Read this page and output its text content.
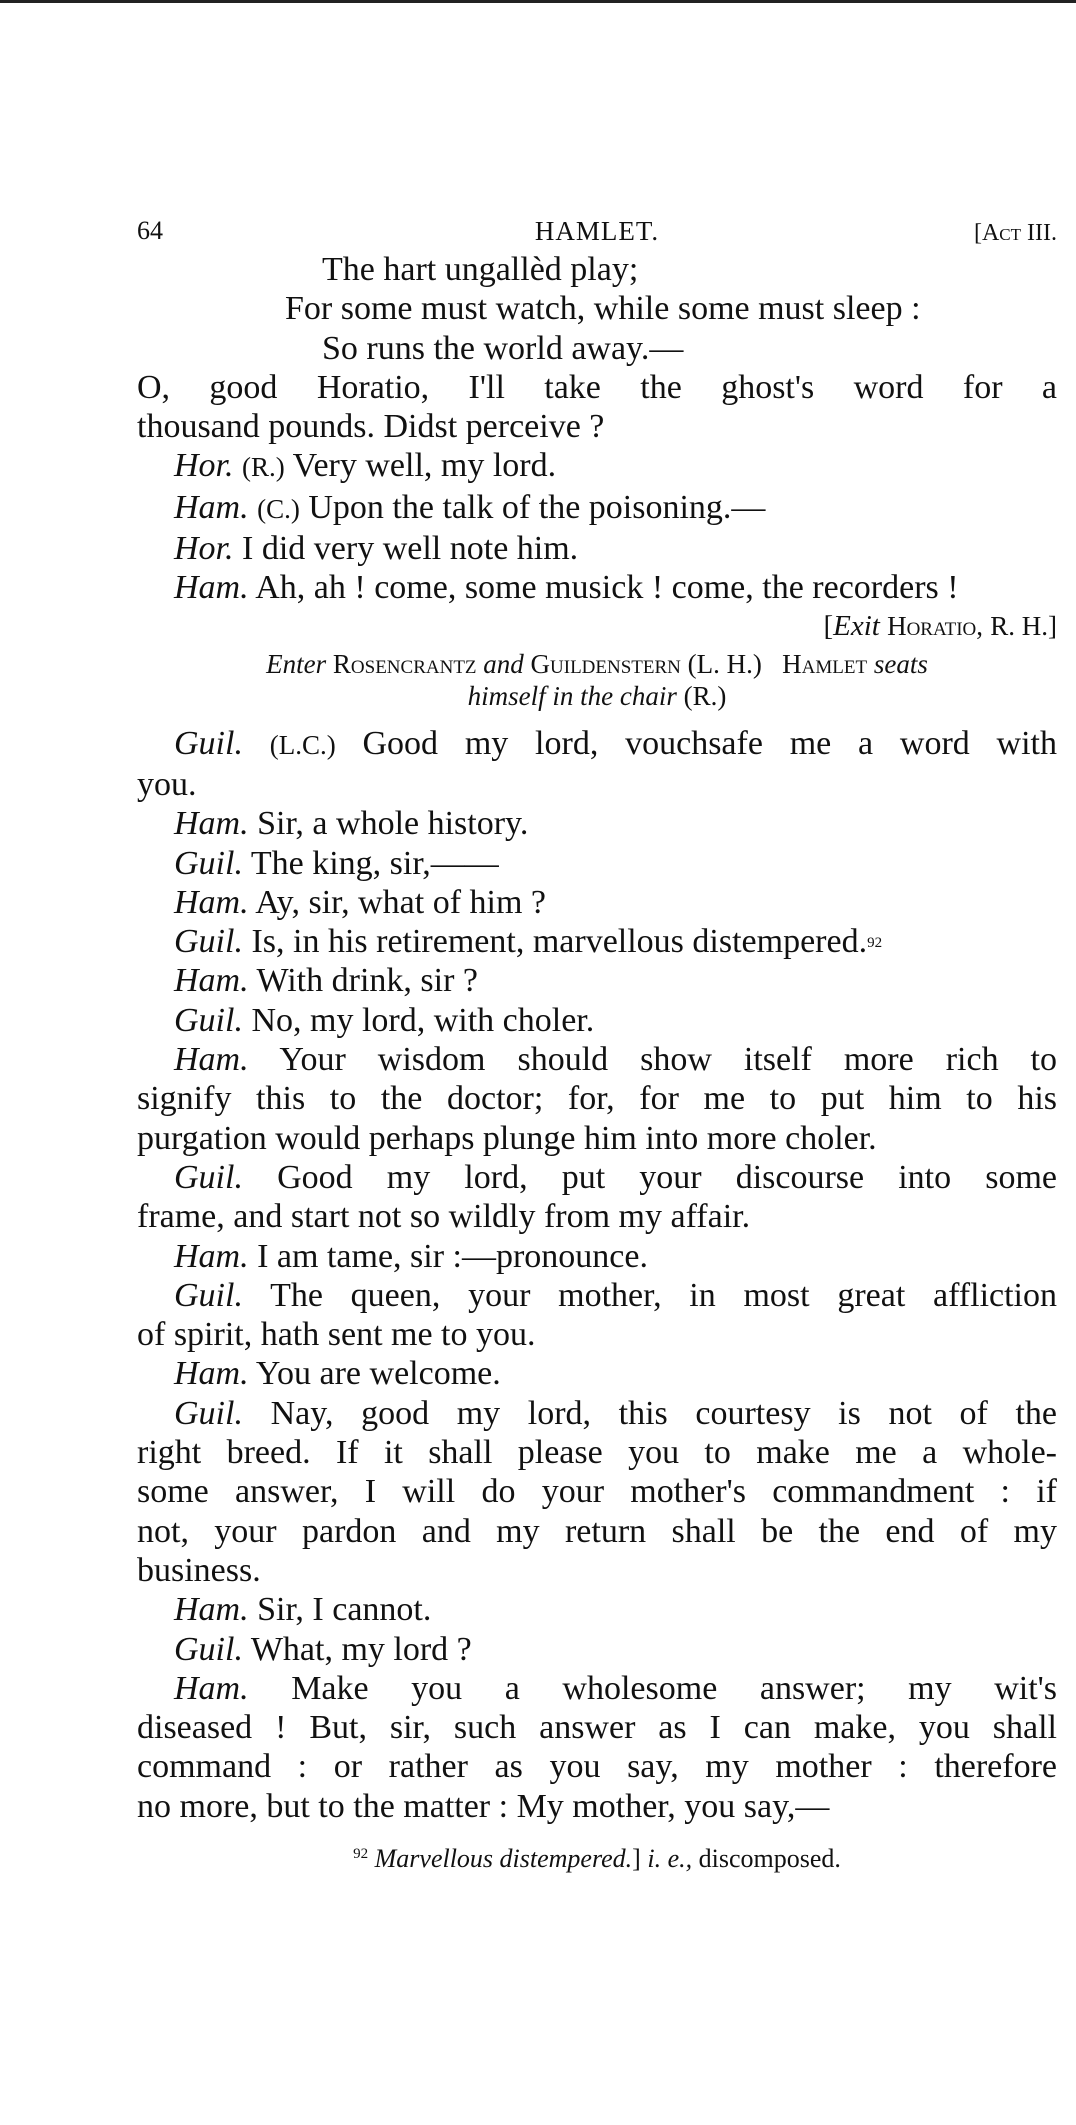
64	HAMLET.	[Act III.
The hart ungallèd play;
For some must watch, while some must sleep :
So runs the world away.—
O, good Horatio, I'll take the ghost's word for a
thousand pounds. Didst perceive ?
Hor. (R.) Very well, my lord.
Ham. (C.) Upon the talk of the poisoning.—
Hor. I did very well note him.
Ham. Ah, ah ! come, some musick ! come, the recorders !
[Exit Horatio, R. H.]
Enter Rosencrantz and Guildenstern (L. H.) Hamlet seats
himself in the chair (R.)
Guil. (L.C.) Good my lord, vouchsafe me a word with
you.
Ham. Sir, a whole history.
Guil. The king, sir,——
Ham. Ay, sir, what of him ?
Guil. Is, in his retirement, marvellous distempered.$^{92}$
Ham. With drink, sir ?
Guil. No, my lord, with choler.
Ham. Your wisdom should show itself more rich to
signify this to the doctor; for, for me to put him to his
purgation would perhaps plunge him into more choler.
Guil. Good my lord, put your discourse into some
frame, and start not so wildly from my affair.
Ham. I am tame, sir :—pronounce.
Guil. The queen, your mother, in most great affliction
of spirit, hath sent me to you.
Ham. You are welcome.
Guil. Nay, good my lord, this courtesy is not of the
right breed. If it shall please you to make me a whole-
some answer, I will do your mother's commandment : if
not, your pardon and my return shall be the end of my
business.
Ham. Sir, I cannot.
Guil. What, my lord ?
Ham. Make you a wholesome answer; my wit's
diseased ! But, sir, such answer as I can make, you shall
command : or rather as you say, my mother : therefore
no more, but to the matter : My mother, you say,—
$^{92}$ Marvellous distempered.] i. e., discomposed.
